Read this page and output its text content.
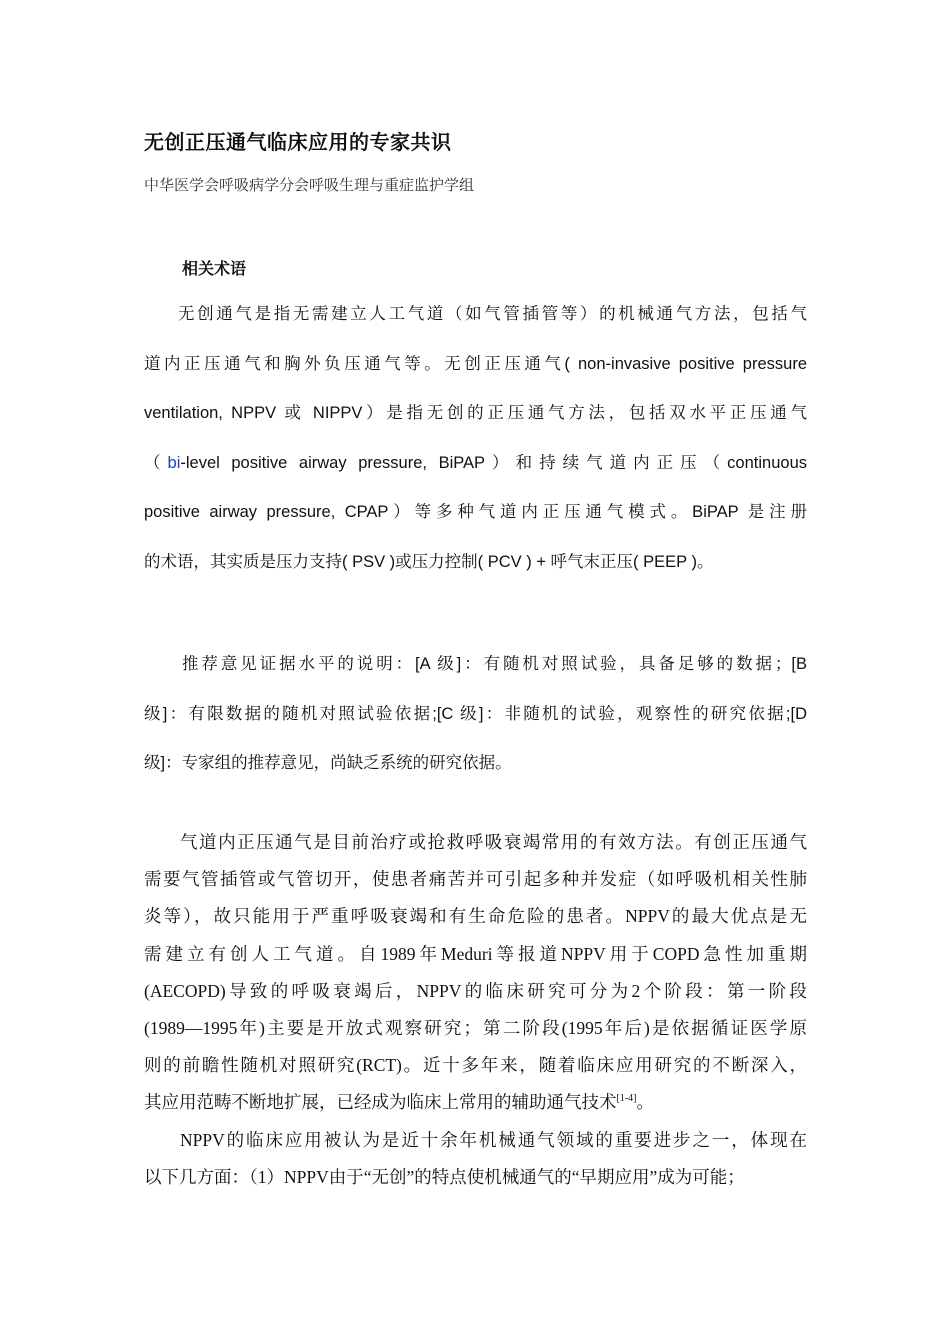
无创正压通气临床应用的专家共识
中华医学会呼吸病学分会呼吸生理与重症监护学组
相关术语
无创通气是指无需建立人工气道（如气管插管等）的机械通气方法，包括气
道内正压通气和胸外负压通气等。无创正压通气( non-invasive positive pressure
ventilation, NPPV 或 NIPPV）是指无创的正压通气方法，包括双水平正压通气
（bi-level positive airway pressure, BiPAP）和持续气道内正压（continuous
positive airway pressure, CPAP）等多种气道内正压通气模式。BiPAP 是注册
的术语，其实质是压力支持( PSV )或压力控制( PCV ) + 呼气末正压( PEEP )。
推荐意见证据水平的说明：[A 级]：有随机对照试验，具备足够的数据；[B
级]：有限数据的随机对照试验依据;[C 级]：非随机的试验，观察性的研究依据;[D
级]：专家组的推荐意见，尚缺乏系统的研究依据。
气道内正压通气是目前治疗或抢救呼吸衰竭常用的有效方法。有创正压通气
需要气管插管或气管切开，使患者痛苦并可引起多种并发症（如呼吸机相关性肺
炎等），故只能用于严重呼吸衰竭和有生命危险的患者。NPPV的最大优点是无
需建立有创人工气道。自1989年Meduri等报道NPPV用于COPD急性加重期
(AECOPD)导致的呼吸衰竭后，NPPV的临床研究可分为2个阶段：第一阶段
(1989—1995年)主要是开放式观察研究；第二阶段(1995年后)是依据循证医学原
则的前瞻性随机对照研究(RCT)。近十多年来，随着临床应用研究的不断深入，
其应用范畴不断地扩展，已经成为临床上常用的辅助通气技术[1-4]。
NPPV的临床应用被认为是近十余年机械通气领域的重要进步之一，体现在
以下几方面：（1）NPPV由于“无创”的特点使机械通气的“早期应用”成为可能；
